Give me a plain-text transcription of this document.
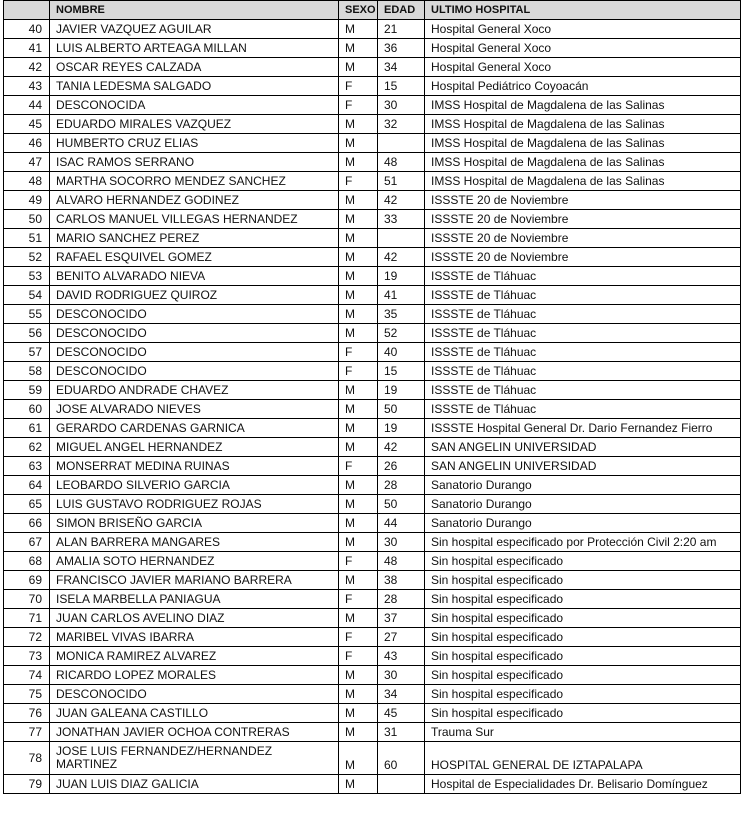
	NOMBRE	SEXO	EDAD	ULTIMO HOSPITAL
40	JAVIER VAZQUEZ AGUILAR	M	21	Hospital General Xoco
41	LUIS ALBERTO ARTEAGA MILLAN	M	36	Hospital General Xoco
42	OSCAR REYES CALZADA	M	34	Hospital General Xoco
43	TANIA LEDESMA SALGADO	F	15	Hospital Pediátrico Coyoacán
44	DESCONOCIDA	F	30	IMSS Hospital de Magdalena de las Salinas
45	EDUARDO MIRALES VAZQUEZ	M	32	IMSS Hospital de Magdalena de las Salinas
46	HUMBERTO CRUZ ELIAS	M		IMSS Hospital de Magdalena de las Salinas
47	ISAC RAMOS SERRANO	M	48	IMSS Hospital de Magdalena de las Salinas
48	MARTHA SOCORRO MENDEZ SANCHEZ	F	51	IMSS Hospital de Magdalena de las Salinas
49	ALVARO HERNANDEZ GODINEZ	M	42	ISSSTE 20 de Noviembre
50	CARLOS MANUEL VILLEGAS HERNANDEZ	M	33	ISSSTE 20 de Noviembre
51	MARIO SANCHEZ PEREZ	M		ISSSTE 20 de Noviembre
52	RAFAEL ESQUIVEL GOMEZ	M	42	ISSSTE 20 de Noviembre
53	BENITO ALVARADO NIEVA	M	19	ISSSTE de Tláhuac
54	DAVID RODRIGUEZ QUIROZ	M	41	ISSSTE de Tláhuac
55	DESCONOCIDO	M	35	ISSSTE de Tláhuac
56	DESCONOCIDO	M	52	ISSSTE de Tláhuac
57	DESCONOCIDO	F	40	ISSSTE de Tláhuac
58	DESCONOCIDO	F	15	ISSSTE de Tláhuac
59	EDUARDO ANDRADE CHAVEZ	M	19	ISSSTE de Tláhuac
60	JOSE ALVARADO NIEVES	M	50	ISSSTE de Tláhuac
61	GERARDO CARDENAS GARNICA	M	19	ISSSTE Hospital General Dr. Dario Fernandez Fierro
62	MIGUEL ANGEL HERNANDEZ	M	42	SAN ANGELIN UNIVERSIDAD
63	MONSERRAT MEDINA RUINAS	F	26	SAN ANGELIN UNIVERSIDAD
64	LEOBARDO SILVERIO GARCIA	M	28	Sanatorio Durango
65	LUIS GUSTAVO RODRIGUEZ ROJAS	M	50	Sanatorio Durango
66	SIMON BRISEÑO GARCIA	M	44	Sanatorio Durango
67	ALAN BARRERA MANGARES	M	30	Sin hospital especificado por Protección Civil 2:20 am
68	AMALIA SOTO HERNANDEZ	F	48	Sin hospital especificado
69	FRANCISCO JAVIER MARIANO BARRERA	M	38	Sin hospital especificado
70	ISELA MARBELLA PANIAGUA	F	28	Sin hospital especificado
71	JUAN CARLOS AVELINO DIAZ	M	37	Sin hospital especificado
72	MARIBEL VIVAS IBARRA	F	27	Sin hospital especificado
73	MONICA RAMIREZ ALVAREZ	F	43	Sin hospital especificado
74	RICARDO LOPEZ MORALES	M	30	Sin hospital especificado
75	DESCONOCIDO	M	34	Sin hospital especificado
76	JUAN GALEANA CASTILLO	M	45	Sin hospital especificado
77	JONATHAN JAVIER OCHOA CONTRERAS	M	31	Trauma Sur
78	JOSE LUIS FERNANDEZ/HERNANDEZ MARTINEZ	M	60	HOSPITAL GENERAL DE IZTAPALAPA
79	JUAN LUIS DIAZ GALICIA	M		Hospital de Especialidades Dr. Belisario Domínguez
